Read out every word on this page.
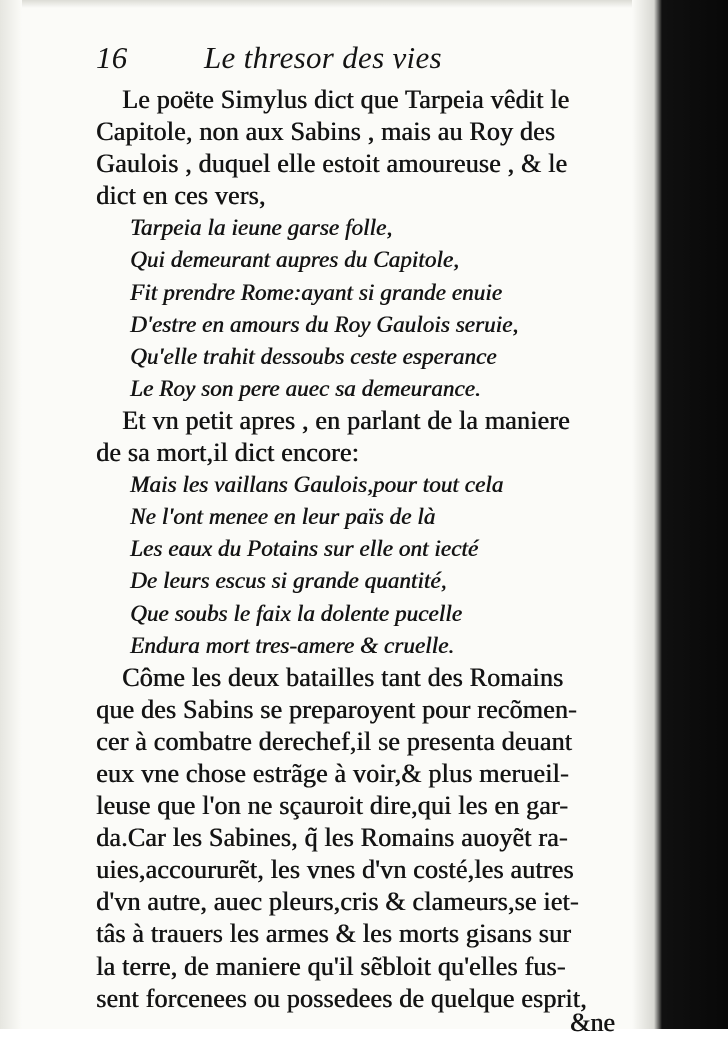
16	Le thresor des vies
Le poëte Simylus dict que Tarpeia vêdit le
Capitole, non aux Sabins , mais au Roy des
Gaulois , duquel elle estoit amoureuse , & le
dict en ces vers,
Tarpeia la ieune garse folle,
Qui demeurant aupres du Capitole,
Fit prendre Rome:ayant si grande enuie
D'estre en amours du Roy Gaulois seruie,
Qu'elle trahit dessoubs ceste esperance
Le Roy son pere auec sa demeurance.
Et vn petit apres , en parlant de la maniere
de sa mort,il dict encore:
Mais les vaillans Gaulois,pour tout cela
Ne l'ont menee en leur païs de là
Les eaux du Potains sur elle ont iecté
De leurs escus si grande quantité,
Que soubs le faix la dolente pucelle
Endura mort tres-amere & cruelle.
Côme les deux batailles tant des Romains
que des Sabins se preparoyent pour recõmen-
cer à combatre derechef,il se presenta deuant
eux vne chose estrãge à voir,& plus merueil-
leuse que l'on ne sçauroit dire,qui les en gar-
da.Car les Sabines, q̃ les Romains auoyẽt ra-
uies,accoururẽt, les vnes d'vn costé,les autres
d'vn autre, auec pleurs,cris & clameurs,se iet-
tâs à trauers les armes & les morts gisans sur
la terre, de maniere qu'il sẽbloit qu'elles fus-
sent forcenees ou possedees de quelque esprit,
&ne
